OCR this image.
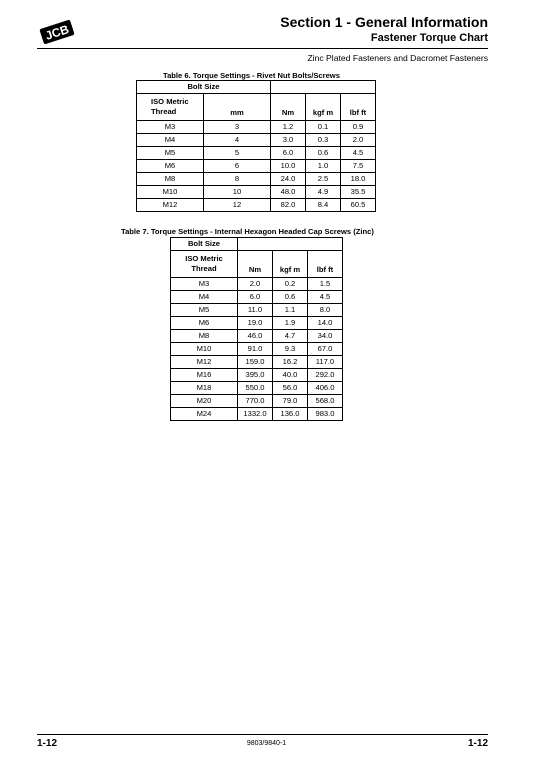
JCB
Section 1 - General Information
Fastener Torque Chart
Zinc Plated Fasteners and Dacromet Fasteners
Table 6. Torque Settings - Rivet Nut Bolts/Screws
Bolt Size				
ISO Metric Thread	mm	Nm	kgf m	lbf ft
M3	3	1.2	0.1	0.9
M4	4	3.0	0.3	2.0
M5	5	6.0	0.6	4.5
M6	6	10.0	1.0	7.5
M8	8	24.0	2.5	18.0
M10	10	48.0	4.9	35.5
M12	12	82.0	8.4	60.5
Table 7. Torque Settings - Internal Hexagon Headed Cap Screws (Zinc)
1-12	9803/9840-1	1-12
Bolt Size			
ISO Metric Thread	Nm	kgf m	lbf ft
M3	2.0	0.2	1.5
M4	6.0	0.6	4.5
M5	11.0	1.1	8.0
M6	19.0	1.9	14.0
M8	46.0	4.7	34.0
M10	91.0	9.3	67.0
M12	159.0	16.2	117.0
M16	395.0	40.0	292.0
M18	550.0	56.0	406.0
M20	770.0	79.0	568.0
M24	1332.0	136.0	983.0
